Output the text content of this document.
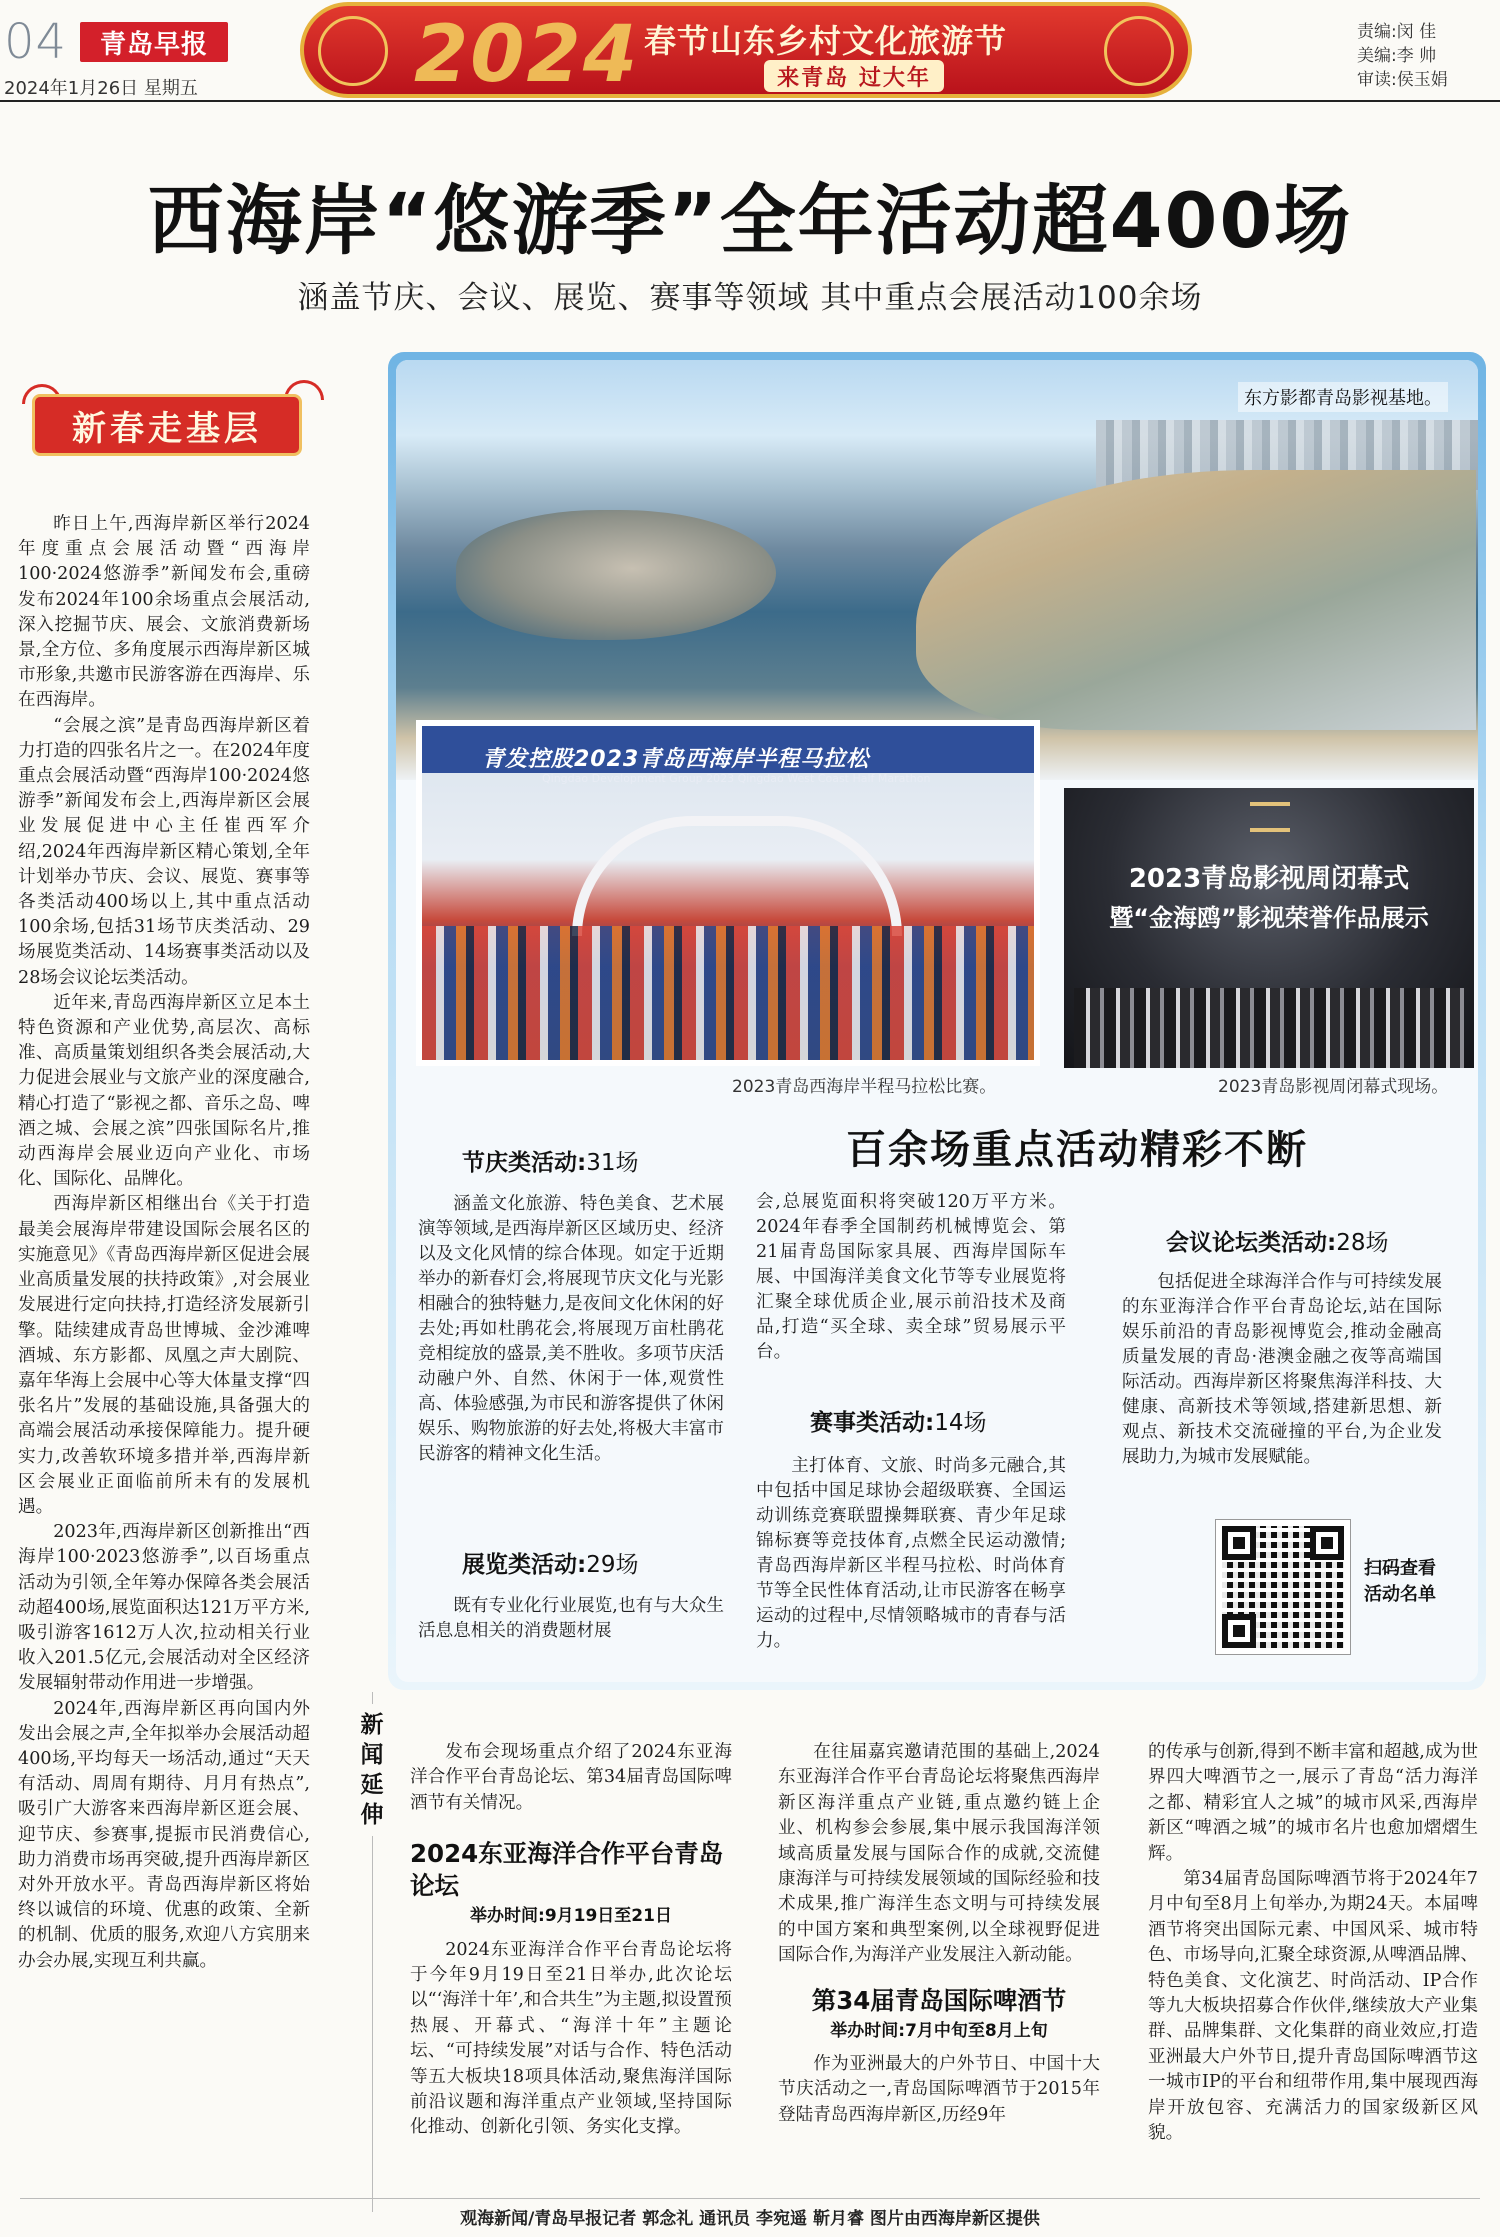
04	青岛早报
2024年1月26日 星期五	2024 春节山东乡村文化旅游节
来青岛 过大年
责编:闵 佳
美编:李 帅
审读:侯玉娟
西海岸“悠游季”全年活动超400场
涵盖节庆、会议、展览、赛事等领域 其中重点会展活动100余场
新春走基层

昨日上午,西海岸新区举行2024年度重点会展活动暨“西海岸100·2024悠游季”新闻发布会,重磅发布2024年100余场重点会展活动,深入挖掘节庆、展会、文旅消费新场景,全方位、多角度展示西海岸新区城市形象,共邀市民游客游在西海岸、乐在西海岸。

“会展之滨”是青岛西海岸新区着力打造的四张名片之一。在2024年度重点会展活动暨“西海岸100·2024悠游季”新闻发布会上,西海岸新区会展业发展促进中心主任崔西军介绍,2024年西海岸新区精心策划,全年计划举办节庆、会议、展览、赛事等各类活动400场以上,其中重点活动100余场,包括31场节庆类活动、29场展览类活动、14场赛事类活动以及28场会议论坛类活动。

近年来,青岛西海岸新区立足本土特色资源和产业优势,高层次、高标准、高质量策划组织各类会展活动,大力促进会展业与文旅产业的深度融合,精心打造了“影视之都、音乐之岛、啤酒之城、会展之滨”四张国际名片,推动西海岸会展业迈向产业化、市场化、国际化、品牌化。

西海岸新区相继出台《关于打造最美会展海岸带建设国际会展名区的实施意见》《青岛西海岸新区促进会展业高质量发展的扶持政策》,对会展业发展进行定向扶持,打造经济发展新引擎。陆续建成青岛世博城、金沙滩啤酒城、东方影都、凤凰之声大剧院、嘉年华海上会展中心等大体量支撑“四张名片”发展的基础设施,具备强大的高端会展活动承接保障能力。提升硬实力,改善软环境多措并举,西海岸新区会展业正面临前所未有的发展机遇。

2023年,西海岸新区创新推出“西海岸100·2023悠游季”,以百场重点活动为引领,全年筹办保障各类会展活动超400场,展览面积达121万平方米,吸引游客1612万人次,拉动相关行业收入201.5亿元,会展活动对全区经济发展辐射带动作用进一步增强。

2024年,西海岸新区再向国内外发出会展之声,全年拟举办会展活动超400场,平均每天一场活动,通过“天天有活动、周周有期待、月月有热点”,吸引广大游客来西海岸新区逛会展、迎节庆、参赛事,提振市民消费信心,助力消费市场再突破,提升西海岸新区对外开放水平。青岛西海岸新区将始终以诚信的环境、优惠的政策、全新的机制、优质的服务,欢迎八方宾朋来办会办展,实现互利共赢。

东方影都青岛影视基地。
青发控股2023青岛西海岸半程马拉松
Qingdao Development Group 2023 Qingdao West Coast Half Marathon
2023青岛西海岸半程马拉松比赛。
2023青岛影视周闭幕式
暨“金海鸥”影视荣誉作品展示
2023青岛影视周闭幕式现场。
百余场重点活动精彩不断
节庆类活动:31场

涵盖文化旅游、特色美食、艺术展演等领域,是西海岸新区区域历史、经济以及文化风情的综合体现。如定于近期举办的新春灯会,将展现节庆文化与光影相融合的独特魅力,是夜间文化休闲的好去处;再如杜鹃花会,将展现万亩杜鹃花竞相绽放的盛景,美不胜收。多项节庆活动融户外、自然、休闲于一体,观赏性高、体验感强,为市民和游客提供了休闲娱乐、购物旅游的好去处,将极大丰富市民游客的精神文化生活。

展览类活动:29场

既有专业化行业展览,也有与大众生活息息相关的消费题材展

会,总展览面积将突破120万平方米。2024年春季全国制药机械博览会、第21届青岛国际家具展、西海岸国际车展、中国海洋美食文化节等专业展览将汇聚全球优质企业,展示前沿技术及商品,打造“买全球、卖全球”贸易展示平台。
赛事类活动:14场

主打体育、文旅、时尚多元融合,其中包括中国足球协会超级联赛、全国运动训练竞赛联盟操舞联赛、青少年足球锦标赛等竞技体育,点燃全民运动激情;青岛西海岸新区半程马拉松、时尚体育节等全民性体育活动,让市民游客在畅享运动的过程中,尽情领略城市的青春与活力。

会议论坛类活动:28场

包括促进全球海洋合作与可持续发展的东亚海洋合作平台青岛论坛,站在国际娱乐前沿的青岛影视博览会,推动金融高质量发展的青岛·港澳金融之夜等高端国际活动。西海岸新区将聚焦海洋科技、大健康、高新技术等领域,搭建新思想、新观点、新技术交流碰撞的平台,为企业发展助力,为城市发展赋能。

扫码查看
活动名单
新闻延伸

发布会现场重点介绍了2024东亚海洋合作平台青岛论坛、第34届青岛国际啤酒节有关情况。

2024东亚海洋合作平台青岛论坛
举办时间:9月19日至21日

2024东亚海洋合作平台青岛论坛将于今年9月19日至21日举办,此次论坛以“‘海洋十年’,和合共生”为主题,拟设置预热展、开幕式、“海洋十年”主题论坛、“可持续发展”对话与合作、特色活动等五大板块18项具体活动,聚焦海洋国际前沿议题和海洋重点产业领域,坚持国际化推动、创新化引领、务实化支撑。

在往届嘉宾邀请范围的基础上,2024东亚海洋合作平台青岛论坛将聚焦西海岸新区海洋重点产业链,重点邀约链上企业、机构参会参展,集中展示我国海洋领域高质量发展与国际合作的成就,交流健康海洋与可持续发展领域的国际经验和技术成果,推广海洋生态文明与可持续发展的中国方案和典型案例,以全球视野促进国际合作,为海洋产业发展注入新动能。

第34届青岛国际啤酒节
举办时间:7月中旬至8月上旬

作为亚洲最大的户外节日、中国十大节庆活动之一,青岛国际啤酒节于2015年登陆青岛西海岸新区,历经9年

的传承与创新,得到不断丰富和超越,成为世界四大啤酒节之一,展示了青岛“活力海洋之都、精彩宜人之城”的城市风采,西海岸新区“啤酒之城”的城市名片也愈加熠熠生辉。

第34届青岛国际啤酒节将于2024年7月中旬至8月上旬举办,为期24天。本届啤酒节将突出国际元素、中国风采、城市特色、市场导向,汇聚全球资源,从啤酒品牌、特色美食、文化演艺、时尚活动、IP合作等九大板块招募合作伙伴,继续放大产业集群、品牌集群、文化集群的商业效应,打造亚洲最大户外节日,提升青岛国际啤酒节这一城市IP的平台和纽带作用,集中展现西海岸开放包容、充满活力的国家级新区风貌。

观海新闻/青岛早报记者 郭念礼 通讯员 李宛遥 靳月睿 图片由西海岸新区提供
